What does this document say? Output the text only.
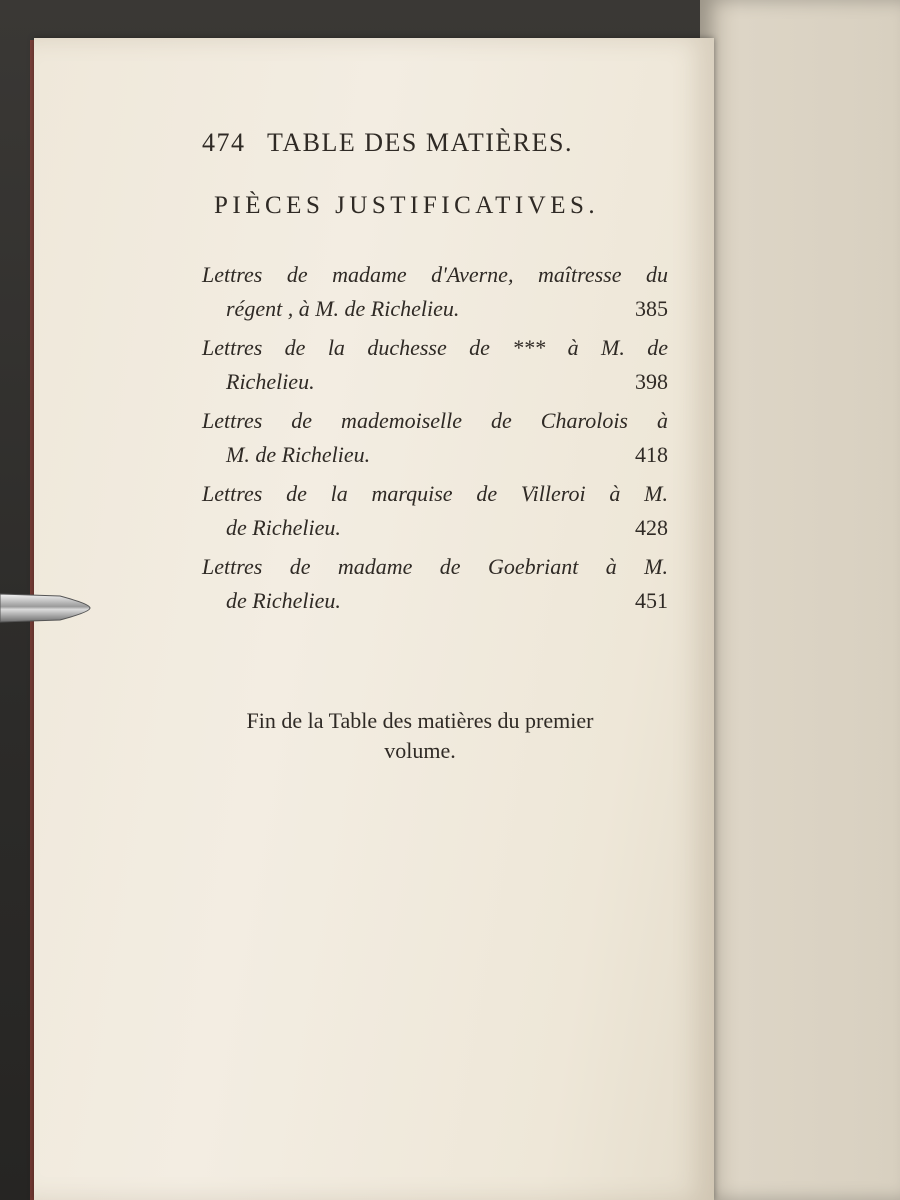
474 TABLE DES MATIÈRES.
PIÈCES JUSTIFICATIVES.
Lettres de madame d'Averne, maîtresse du
régent , à M. de Richelieu.	385
Lettres de la duchesse de *** à M. de
Richelieu.	398
Lettres de mademoiselle de Charolois à
M. de Richelieu.	418
Lettres de la marquise de Villeroi à M.
de Richelieu.	428
Lettres de madame de Goebriant à M.
de Richelieu.	451
Fin de la Table des matières du premier
volume.
